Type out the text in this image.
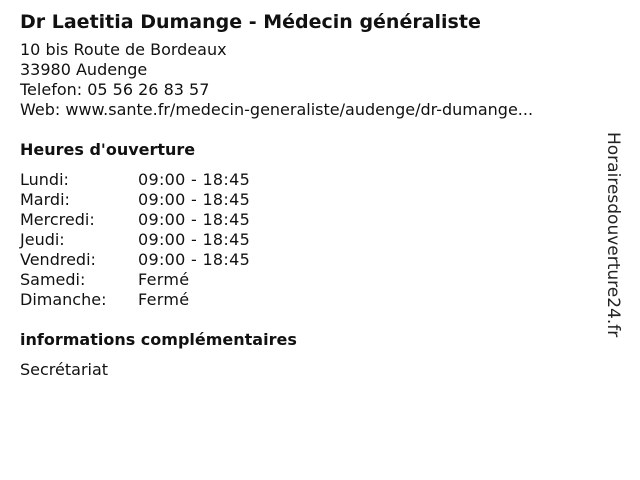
Dr Laetitia Dumange - Médecin généraliste
10 bis Route de Bordeaux
33980 Audenge
Telefon: 05 56 26 83 57
Web: www.sante.fr/medecin-generaliste/audenge/dr-dumange...
Heures d'ouverture
Lundi:	09:00 - 18:45
Mardi:	09:00 - 18:45
Mercredi:	09:00 - 18:45
Jeudi:	09:00 - 18:45
Vendredi:	09:00 - 18:45
Samedi:	Fermé
Dimanche:	Fermé
informations complémentaires
Secrétariat
Horairesdouverture24.fr
